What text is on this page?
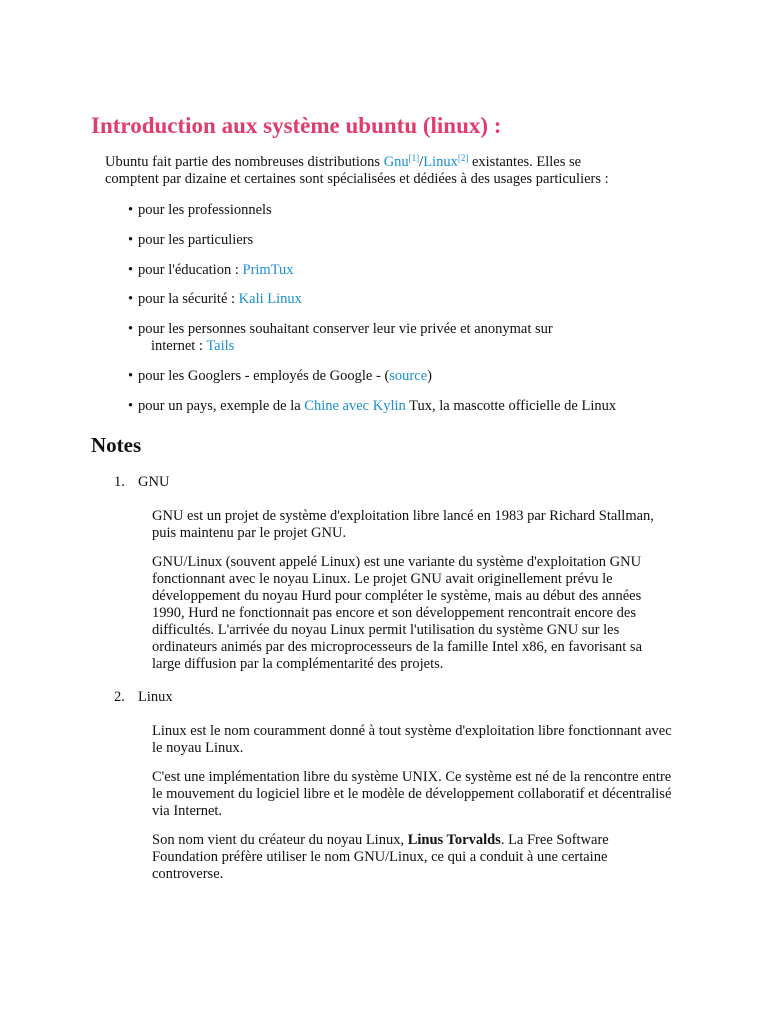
Introduction aux système ubuntu (linux) :

Ubuntu fait partie des nombreuses distributions Gnu[1]/Linux[2] existantes. Elles se
comptent par dizaine et certaines sont spécialisées et dédiées à des usages particuliers :

• pour les professionnels
• pour les particuliers
• pour l'éducation : PrimTux
• pour la sécurité : Kali Linux
• pour les personnes souhaitant conserver leur vie privée et anonymat sur
internet : Tails
• pour les Googlers - employés de Google - (source)
• pour un pays, exemple de la Chine avec Kylin Tux, la mascotte officielle de Linux
Notes
1. GNU

GNU est un projet de système d'exploitation libre lancé en 1983 par Richard Stallman, puis maintenu par le projet GNU.

GNU/Linux (souvent appelé Linux) est une variante du système d'exploitation GNU fonctionnant avec le noyau Linux. Le projet GNU avait originellement prévu le développement du noyau Hurd pour compléter le système, mais au début des années 1990, Hurd ne fonctionnait pas encore et son développement rencontrait encore des difficultés. L'arrivée du noyau Linux permit l'utilisation du système GNU sur les ordinateurs animés par des microprocesseurs de la famille Intel x86, en favorisant sa large diffusion par la complémentarité des projets.

2. Linux

Linux est le nom couramment donné à tout système d'exploitation libre fonctionnant avec le noyau Linux.

C'est une implémentation libre du système UNIX. Ce système est né de la rencontre entre le mouvement du logiciel libre et le modèle de développement collaboratif et décentralisé via Internet.

Son nom vient du créateur du noyau Linux, Linus Torvalds. La Free Software Foundation préfère utiliser le nom GNU/Linux, ce qui a conduit à une certaine controverse.
